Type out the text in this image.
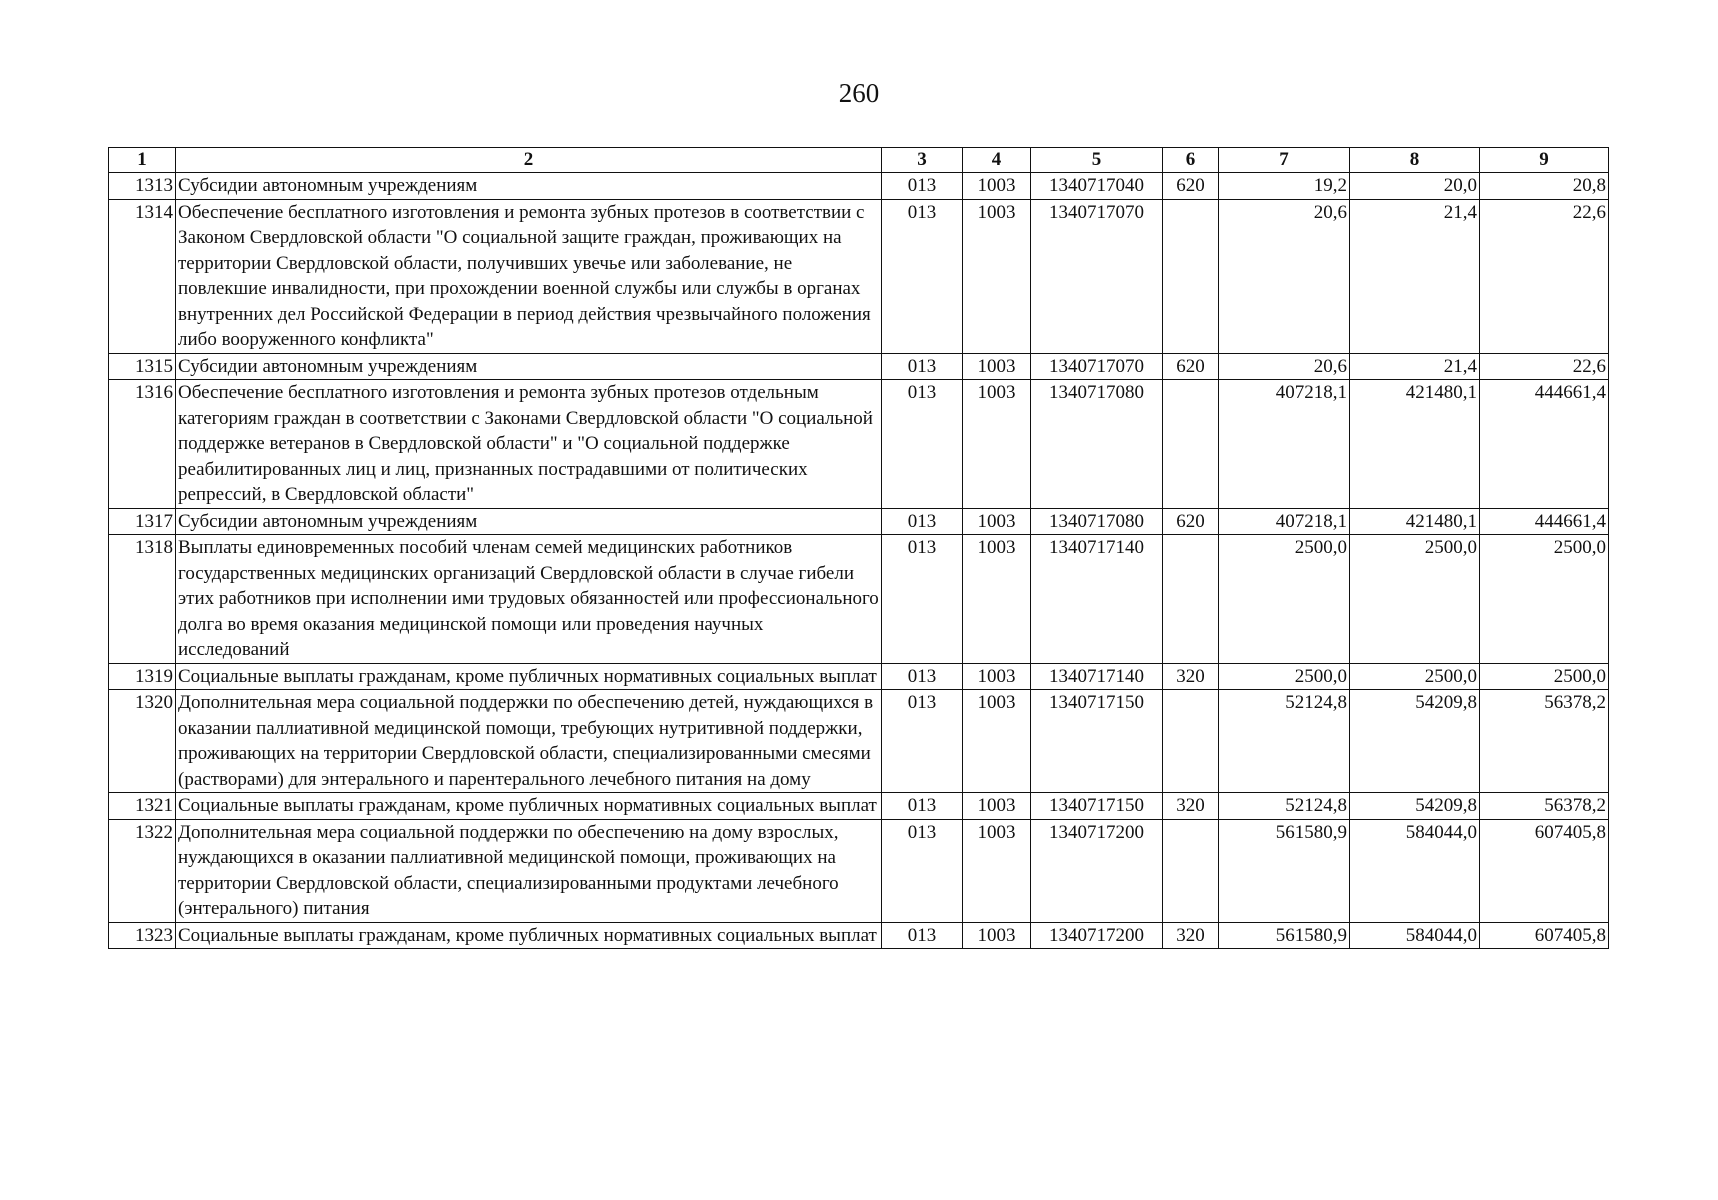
260
1	2	3	4	5	6	7	8	9
1313	Субсидии автономным учреждениям	013	1003	1340717040	620	19,2	20,0	20,8
1314	Обеспечение бесплатного изготовления и ремонта зубных протезов в соответствии с Законом Свердловской области "О социальной защите граждан, проживающих на территории Свердловской области, получивших увечье или заболевание, не повлекшие инвалидности, при прохождении военной службы или службы в органах внутренних дел Российской Федерации в период действия чрезвычайного положения либо вооруженного конфликта"	013	1003	1340717070		20,6	21,4	22,6
1315	Субсидии автономным учреждениям	013	1003	1340717070	620	20,6	21,4	22,6
1316	Обеспечение бесплатного изготовления и ремонта зубных протезов отдельным категориям граждан в соответствии с Законами Свердловской области "О социальной поддержке ветеранов в Свердловской области" и "О социальной поддержке реабилитированных лиц и лиц, признанных пострадавшими от политических репрессий, в Свердловской области"	013	1003	1340717080		407218,1	421480,1	444661,4
1317	Субсидии автономным учреждениям	013	1003	1340717080	620	407218,1	421480,1	444661,4
1318	Выплаты единовременных пособий членам семей медицинских работников государственных медицинских организаций Свердловской области в случае гибели этих работников при исполнении ими трудовых обязанностей или профессионального долга во время оказания медицинской помощи или проведения научных исследований	013	1003	1340717140		2500,0	2500,0	2500,0
1319	Социальные выплаты гражданам, кроме публичных нормативных социальных выплат	013	1003	1340717140	320	2500,0	2500,0	2500,0
1320	Дополнительная мера социальной поддержки по обеспечению детей, нуждающихся в оказании паллиативной медицинской помощи, требующих нутритивной поддержки, проживающих на территории Свердловской области, специализированными смесями (растворами) для энтерального и парентерального лечебного питания на дому	013	1003	1340717150		52124,8	54209,8	56378,2
1321	Социальные выплаты гражданам, кроме публичных нормативных социальных выплат	013	1003	1340717150	320	52124,8	54209,8	56378,2
1322	Дополнительная мера социальной поддержки по обеспечению на дому взрослых, нуждающихся в оказании паллиативной медицинской помощи, проживающих на территории Свердловской области, специализированными продуктами лечебного (энтерального) питания	013	1003	1340717200		561580,9	584044,0	607405,8
1323	Социальные выплаты гражданам, кроме публичных нормативных социальных выплат	013	1003	1340717200	320	561580,9	584044,0	607405,8
